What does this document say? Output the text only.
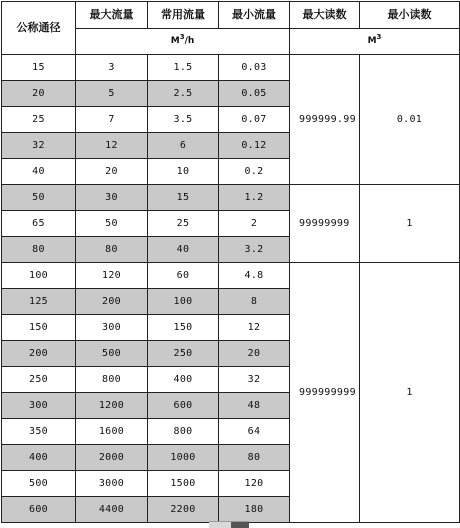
公称通径	最大流量	常用流量	最小流量	最大读数	最小读数
	$M^3/h$			$M^3$
15	3	1.5	0.03	999999.99	0.01
20	5	2.5	0.05		
25	7	3.5	0.07		
32	12	6	0.12		
40	20	10	0.2		
50	30	15	1.2	99999999	1
65	50	25	2		
80	80	40	3.2		
100	120	60	4.8	999999999	1
125	200	100	8		
150	300	150	12		
200	500	250	20		
250	800	400	32		
300	1200	600	48		
350	1600	800	64		
400	2000	1000	80		
500	3000	1500	120		
600	4400	2200	180		
